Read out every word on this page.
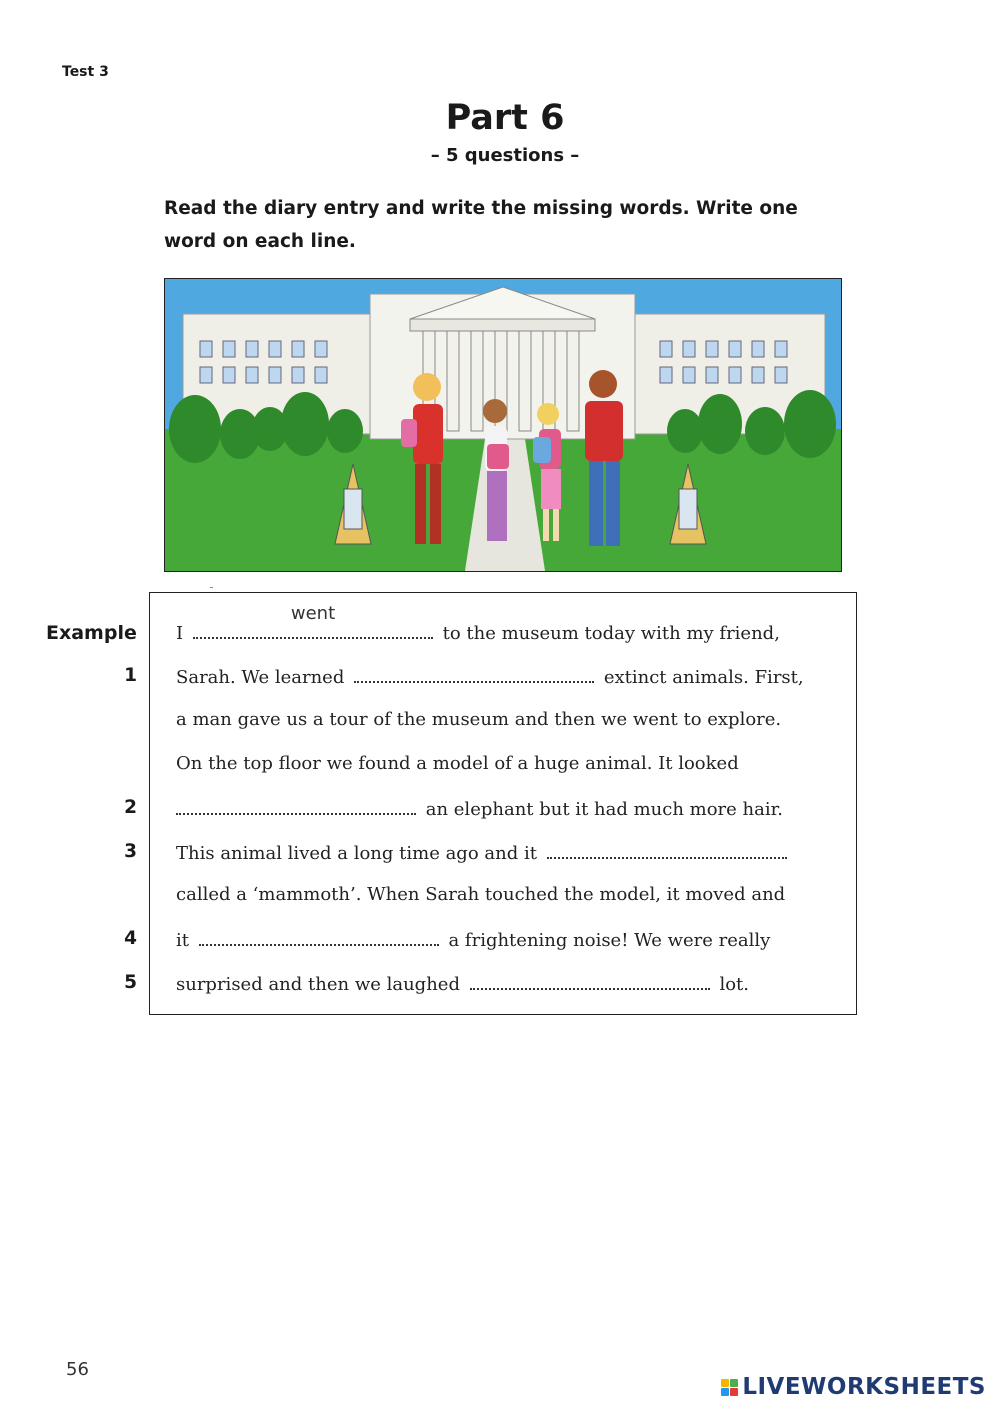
Test 3
Part 6
– 5 questions –
Read the diary entry and write the missing words. Write one word on each line.
Example
1
2
3
4
5
I
went
to the museum today with my friend,
Sarah. We learned	extinct animals. First,
a man gave us a tour of the museum and then we went to explore.
On the top floor we found a model of a huge animal. It looked
an elephant but it had much more hair.
This animal lived a long time ago and it
called a ‘mammoth’. When Sarah touched the model, it moved and
it	a frightening noise! We were really
surprised and then we laughed	lot.
56
LIVEWORKSHEETS
